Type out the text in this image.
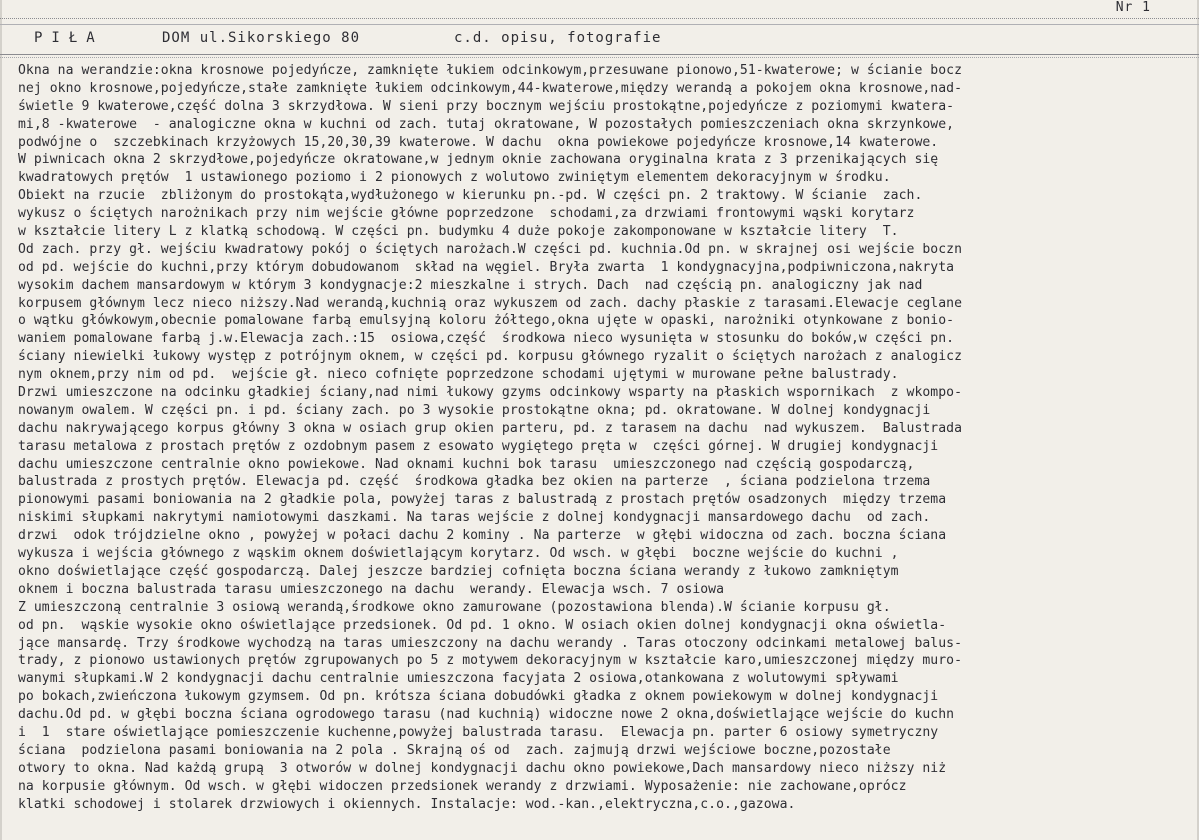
Nr 1

PIŁA

	DOM ul.Sikorskiego 80

	c.d. opisu, fotografie

Okna na werandzie:okna krosnowe pojedyńcze, zamknięte łukiem odcinkowym,przesuwane pionowo,51-kwaterowe; w ścianie bocz
nej okno krosnowe,pojedyńcze,stałe zamknięte łukiem odcinkowym,44-kwaterowe,między werandą a pokojem okna krosnowe,nad-
świetle 9 kwaterowe,część dolna 3 skrzydłowa. W sieni przy bocznym wejściu prostokątne,pojedyńcze z poziomymi kwatera-
mi,8 -kwaterowe  - analogiczne okna w kuchni od zach. tutaj okratowane, W pozostałych pomieszczeniach okna skrzynkowe,
podwójne o  szczebkinach krzyżowych 15,20,30,39 kwaterowe. W dachu  okna powiekowe pojedyńcze krosnowe,14 kwaterowe.
W piwnicach okna 2 skrzydłowe,pojedyńcze okratowane,w jednym oknie zachowana oryginalna krata z 3 przenikających się
kwadratowych prętów  1 ustawionego poziomo i 2 pionowych z wolutowo zwiniętym elementem dekoracyjnym w środku.
Obiekt na rzucie  zbliżonym do prostokąta,wydłużonego w kierunku pn.-pd. W części pn. 2 traktowy. W ścianie  zach.
wykusz o ściętych narożnikach przy nim wejście główne poprzedzone  schodami,za drzwiami frontowymi wąski korytarz
w kształcie litery L z klatką schodową. W części pn. budymku 4 duże pokoje zakomponowane w kształcie litery  T.
Od zach. przy gł. wejściu kwadratowy pokój o ściętych narożach.W części pd. kuchnia.Od pn. w skrajnej osi wejście boczn
od pd. wejście do kuchni,przy którym dobudowanom  skład na węgiel. Bryła zwarta  1 kondygnacyjna,podpiwniczona,nakryta
wysokim dachem mansardowym w którym 3 kondygnacje:2 mieszkalne i strych. Dach  nad częścią pn. analogiczny jak nad
korpusem głównym lecz nieco niższy.Nad werandą,kuchnią oraz wykuszem od zach. dachy płaskie z tarasami.Elewacje ceglane
o wątku główkowym,obecnie pomalowane farbą emulsyjną koloru żółtego,okna ujęte w opaski, narożniki otynkowane z bonio-
waniem pomalowane farbą j.w.Elewacja zach.:15  osiowa,część  środkowa nieco wysunięta w stosunku do boków,w części pn.
ściany niewielki łukowy występ z potrójnym oknem, w części pd. korpusu głównego ryzalit o ściętych narożach z analogicz
nym oknem,przy nim od pd.  wejście gł. nieco cofnięte poprzedzone schodami ujętymi w murowane pełne balustrady.
Drzwi umieszczone na odcinku gładkiej ściany,nad nimi łukowy gzyms odcinkowy wsparty na płaskich wspornikach  z wkompo-
nowanym owalem. W części pn. i pd. ściany zach. po 3 wysokie prostokątne okna; pd. okratowane. W dolnej kondygnacji
dachu nakrywającego korpus główny 3 okna w osiach grup okien parteru, pd. z tarasem na dachu  nad wykuszem.  Balustrada
tarasu metalowa z prostach prętów z ozdobnym pasem z esowato wygiętego pręta w  części górnej. W drugiej kondygnacji
dachu umieszczone centralnie okno powiekowe. Nad oknami kuchni bok tarasu  umieszczonego nad częścią gospodarczą,
balustrada z prostych prętów. Elewacja pd. część  środkowa gładka bez okien na parterze  , ściana podzielona trzema
pionowymi pasami boniowania na 2 gładkie pola, powyżej taras z balustradą z prostach prętów osadzonych  między trzema
niskimi słupkami nakrytymi namiotowymi daszkami. Na taras wejście z dolnej kondygnacji mansardowego dachu  od zach.
drzwi  odok trójdzielne okno , powyżej w połaci dachu 2 kominy . Na parterze  w głębi widoczna od zach. boczna ściana
wykusza i wejścia głównego z wąskim oknem doświetlającym korytarz. Od wsch. w głębi  boczne wejście do kuchni ,
okno doświetlające część gospodarczą. Dalej jeszcze bardziej cofnięta boczna ściana werandy z łukowo zamkniętym
oknem i boczna balustrada tarasu umieszczonego na dachu  werandy. Elewacja wsch. 7 osiowa
Z umieszczoną centralnie 3 osiową werandą,środkowe okno zamurowane (pozostawiona blenda).W ścianie korpusu gł.
od pn.  wąskie wysokie okno oświetlające przedsionek. Od pd. 1 okno. W osiach okien dolnej kondygnacji okna oświetla-
jące mansardę. Trzy środkowe wychodzą na taras umieszczony na dachu werandy . Taras otoczony odcinkami metalowej balus-
trady, z pionowo ustawionych prętów zgrupowanych po 5 z motywem dekoracyjnym w kształcie karo,umieszczonej między muro-
wanymi słupkami.W 2 kondygnacji dachu centralnie umieszczona facyjata 2 osiowa,otankowana z wolutowymi spływami
po bokach,zwieńczona łukowym gzymsem. Od pn. krótsza ściana dobudówki gładka z oknem powiekowym w dolnej kondygnacji
dachu.Od pd. w głębi boczna ściana ogrodowego tarasu (nad kuchnią) widoczne nowe 2 okna,doświetlające wejście do kuchn
i  1  stare oświetlające pomieszczenie kuchenne,powyżej balustrada tarasu.  Elewacja pn. parter 6 osiowy symetryczny
ściana  podzielona pasami boniowania na 2 pola . Skrajną oś od  zach. zajmują drzwi wejściowe boczne,pozostałe
otwory to okna. Nad każdą grupą  3 otworów w dolnej kondygnacji dachu okno powiekowe,Dach mansardowy nieco niższy niż
na korpusie głównym. Od wsch. w głębi widoczen przedsionek werandy z drzwiami. Wyposażenie: nie zachowane,oprócz
klatki schodowej i stolarek drzwiowych i okiennych. Instalacje: wod.-kan.,elektryczna,c.o.,gazowa.
